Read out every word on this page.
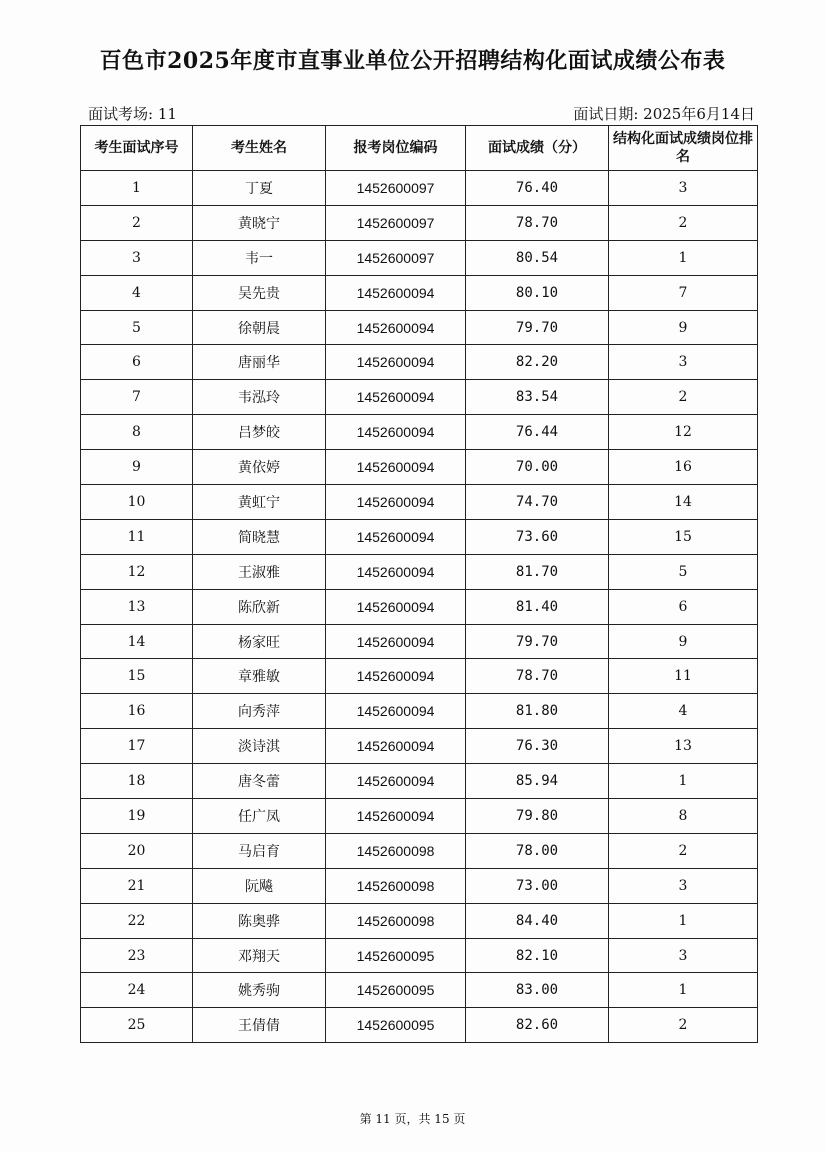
百色市2025年度市直事业单位公开招聘结构化面试成绩公布表
面试考场: 11	面试日期: 2025年6月14日
考生面试序号	考生姓名	报考岗位编码	面试成绩（分）	结构化面试成绩岗位排名
1	丁夏	1452600097	76.40	3
2	黄晓宁	1452600097	78.70	2
3	韦一	1452600097	80.54	1
4	吴先贵	1452600094	80.10	7
5	徐朝晨	1452600094	79.70	9
6	唐丽华	1452600094	82.20	3
7	韦泓玲	1452600094	83.54	2
8	吕梦皎	1452600094	76.44	12
9	黄依婷	1452600094	70.00	16
10	黄虹宁	1452600094	74.70	14
11	简晓慧	1452600094	73.60	15
12	王淑雅	1452600094	81.70	5
13	陈欣新	1452600094	81.40	6
14	杨家旺	1452600094	79.70	9
15	章雅敏	1452600094	78.70	11
16	向秀萍	1452600094	81.80	4
17	淡诗淇	1452600094	76.30	13
18	唐冬蕾	1452600094	85.94	1
19	任广凤	1452600094	79.80	8
20	马启育	1452600098	78.00	2
21	阮飚	1452600098	73.00	3
22	陈奥骅	1452600098	84.40	1
23	邓翔天	1452600095	82.10	3
24	姚秀驹	1452600095	83.00	1
25	王倩倩	1452600095	82.60	2
第 11 页，共 15 页
